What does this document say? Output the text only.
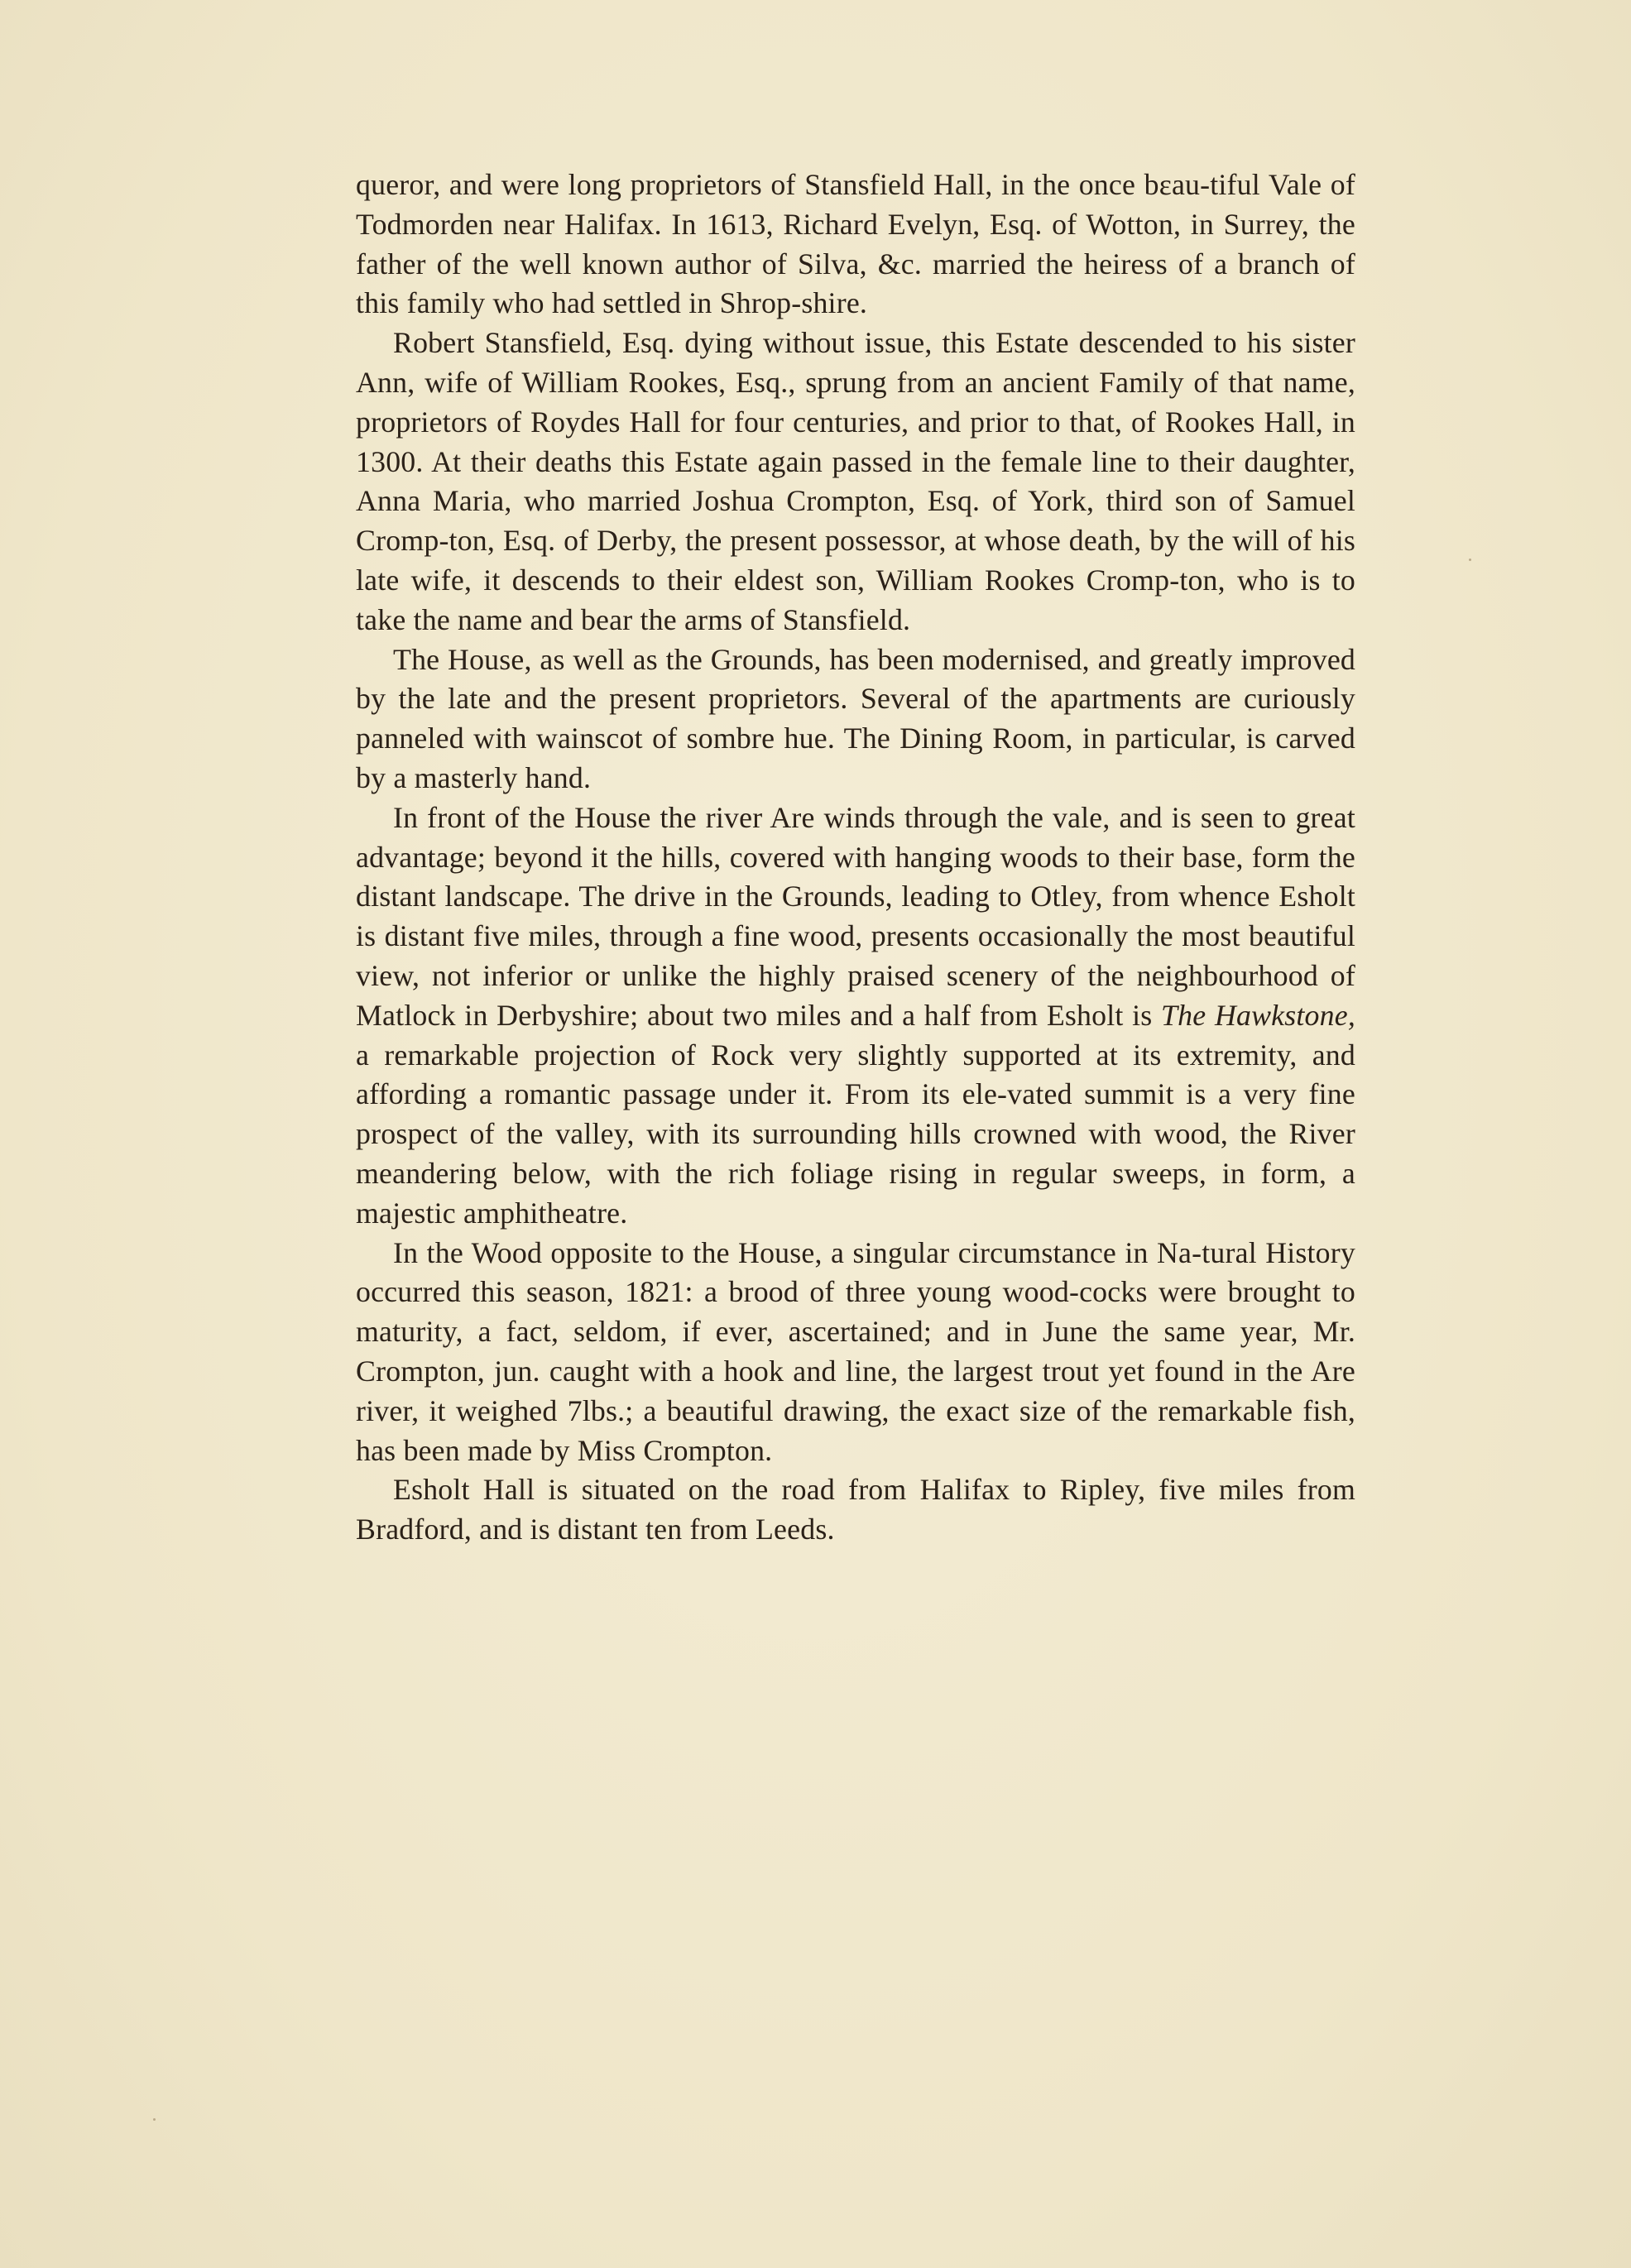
queror, and were long proprietors of Stansfield Hall, in the once bεau-tiful Vale of Todmorden near Halifax. In 1613, Richard Evelyn, Esq. of Wotton, in Surrey, the father of the well known author of Silva, &c. married the heiress of a branch of this family who had settled in Shrop-shire.

Robert Stansfield, Esq. dying without issue, this Estate descended to his sister Ann, wife of William Rookes, Esq., sprung from an ancient Family of that name, proprietors of Roydes Hall for four centuries, and prior to that, of Rookes Hall, in 1300. At their deaths this Estate again passed in the female line to their daughter, Anna Maria, who married Joshua Crompton, Esq. of York, third son of Samuel Cromp-ton, Esq. of Derby, the present possessor, at whose death, by the will of his late wife, it descends to their eldest son, William Rookes Cromp-ton, who is to take the name and bear the arms of Stansfield.

The House, as well as the Grounds, has been modernised, and greatly improved by the late and the present proprietors. Several of the apartments are curiously panneled with wainscot of sombre hue. The Dining Room, in particular, is carved by a masterly hand.

In front of the House the river Are winds through the vale, and is seen to great advantage; beyond it the hills, covered with hanging woods to their base, form the distant landscape. The drive in the Grounds, leading to Otley, from whence Esholt is distant five miles, through a fine wood, presents occasionally the most beautiful view, not inferior or unlike the highly praised scenery of the neighbourhood of Matlock in Derbyshire; about two miles and a half from Esholt is The Hawkstone, a remarkable projection of Rock very slightly supported at its extremity, and affording a romantic passage under it. From its ele-vated summit is a very fine prospect of the valley, with its surrounding hills crowned with wood, the River meandering below, with the rich foliage rising in regular sweeps, in form, a majestic amphitheatre.

In the Wood opposite to the House, a singular circumstance in Na-tural History occurred this season, 1821: a brood of three young wood-cocks were brought to maturity, a fact, seldom, if ever, ascertained; and in June the same year, Mr. Crompton, jun. caught with a hook and line, the largest trout yet found in the Are river, it weighed 7lbs.; a beautiful drawing, the exact size of the remarkable fish, has been made by Miss Crompton.

Esholt Hall is situated on the road from Halifax to Ripley, five miles from Bradford, and is distant ten from Leeds.
